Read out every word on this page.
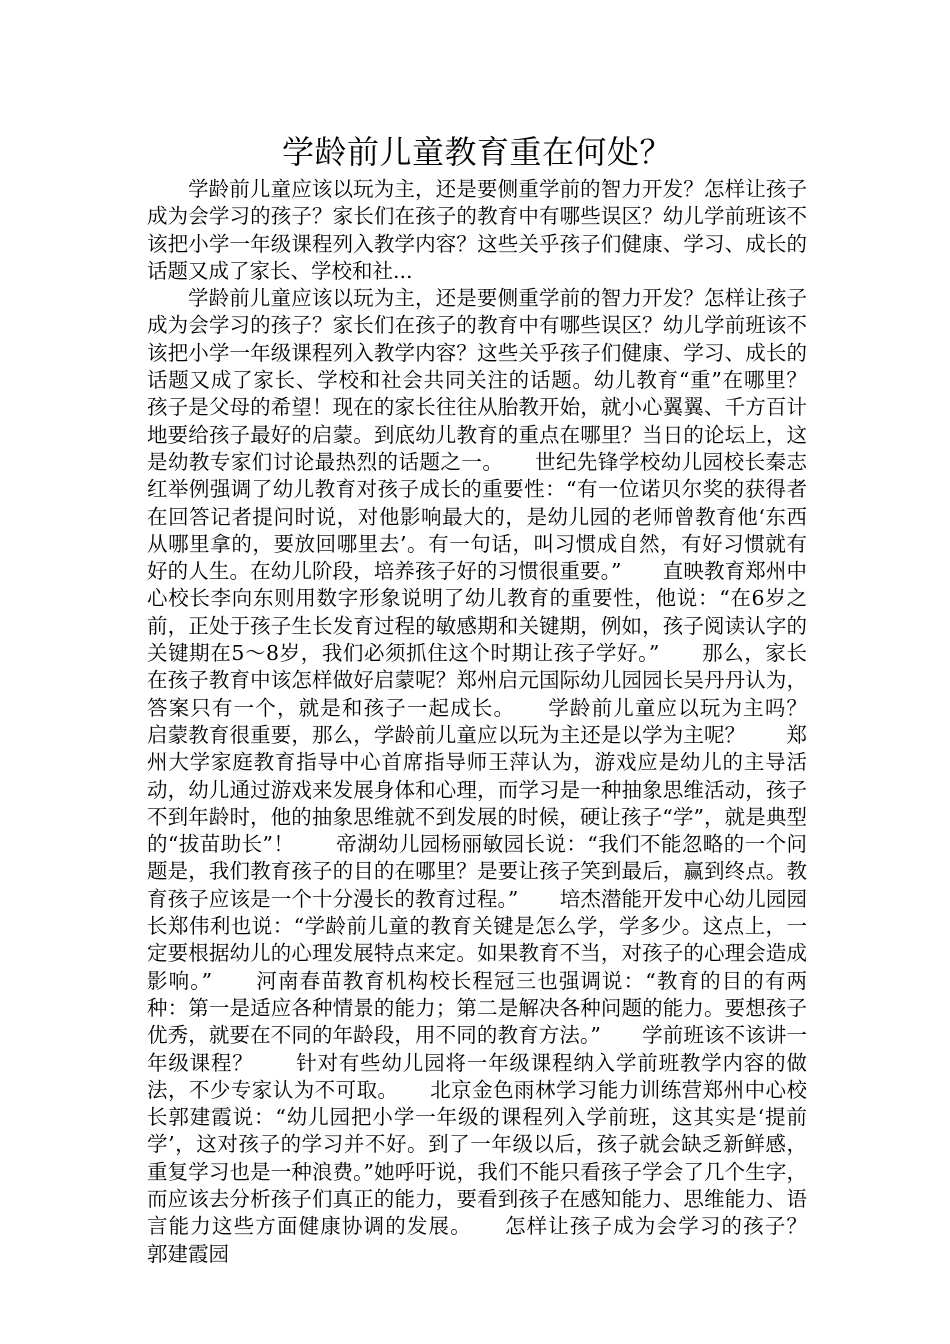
学龄前儿童教育重在何处？

学龄前儿童应该以玩为主，还是要侧重学前的智力开发？怎样让孩子成为会学习的孩子？家长们在孩子的教育中有哪些误区？幼儿学前班该不该把小学一年级课程列入教学内容？这些关乎孩子们健康、学习、成长的话题又成了家长、学校和社...

学龄前儿童应该以玩为主，还是要侧重学前的智力开发？怎样让孩子成为会学习的孩子？家长们在孩子的教育中有哪些误区？幼儿学前班该不该把小学一年级课程列入教学内容？这些关乎孩子们健康、学习、成长的话题又成了家长、学校和社会共同关注的话题。幼儿教育“重”在哪里？　　孩子是父母的希望！现在的家长往往从胎教开始，就小心翼翼、千方百计地要给孩子最好的启蒙。到底幼儿教育的重点在哪里？当日的论坛上，这是幼教专家们讨论最热烈的话题之一。　　世纪先锋学校幼儿园校长秦志红举例强调了幼儿教育对孩子成长的重要性：“有一位诺贝尔奖的获得者在回答记者提问时说，对他影响最大的，是幼儿园的老师曾教育他‘东西从哪里拿的，要放回哪里去’。有一句话，叫习惯成自然，有好习惯就有好的人生。在幼儿阶段，培养孩子好的习惯很重要。”　　直映教育郑州中心校长李向东则用数字形象说明了幼儿教育的重要性，他说：“在6岁之前，正处于孩子生长发育过程的敏感期和关键期，例如，孩子阅读认字的关键期在5～8岁，我们必须抓住这个时期让孩子学好。”　　那么，家长在孩子教育中该怎样做好启蒙呢？郑州启元国际幼儿园园长吴丹丹认为，答案只有一个，就是和孩子一起成长。　　学龄前儿童应以玩为主吗？　　启蒙教育很重要，那么，学龄前儿童应以玩为主还是以学为主呢？　　郑州大学家庭教育指导中心首席指导师王萍认为，游戏应是幼儿的主导活动，幼儿通过游戏来发展身体和心理，而学习是一种抽象思维活动，孩子不到年龄时，他的抽象思维就不到发展的时候，硬让孩子“学”，就是典型的“拔苗助长”！　　帝湖幼儿园杨丽敏园长说：“我们不能忽略的一个问题是，我们教育孩子的目的在哪里？是要让孩子笑到最后，赢到终点。教育孩子应该是一个十分漫长的教育过程。”　　培杰潜能开发中心幼儿园园长郑伟利也说：“学龄前儿童的教育关键是怎么学，学多少。这点上，一定要根据幼儿的心理发展特点来定。如果教育不当，对孩子的心理会造成影响。”　　河南春苗教育机构校长程冠三也强调说：“教育的目的有两种：第一是适应各种情景的能力；第二是解决各种问题的能力。要想孩子优秀，就要在不同的年龄段，用不同的教育方法。”　　学前班该不该讲一年级课程？　　针对有些幼儿园将一年级课程纳入学前班教学内容的做法，不少专家认为不可取。　　北京金色雨林学习能力训练营郑州中心校长郭建霞说：“幼儿园把小学一年级的课程列入学前班，这其实是‘提前学’，这对孩子的学习并不好。到了一年级以后，孩子就会缺乏新鲜感，重复学习也是一种浪费。”她呼吁说，我们不能只看孩子学会了几个生字，而应该去分析孩子们真正的能力，要看到孩子在感知能力、思维能力、语言能力这些方面健康协调的发展。　　怎样让孩子成为会学习的孩子？　　郭建霞园
